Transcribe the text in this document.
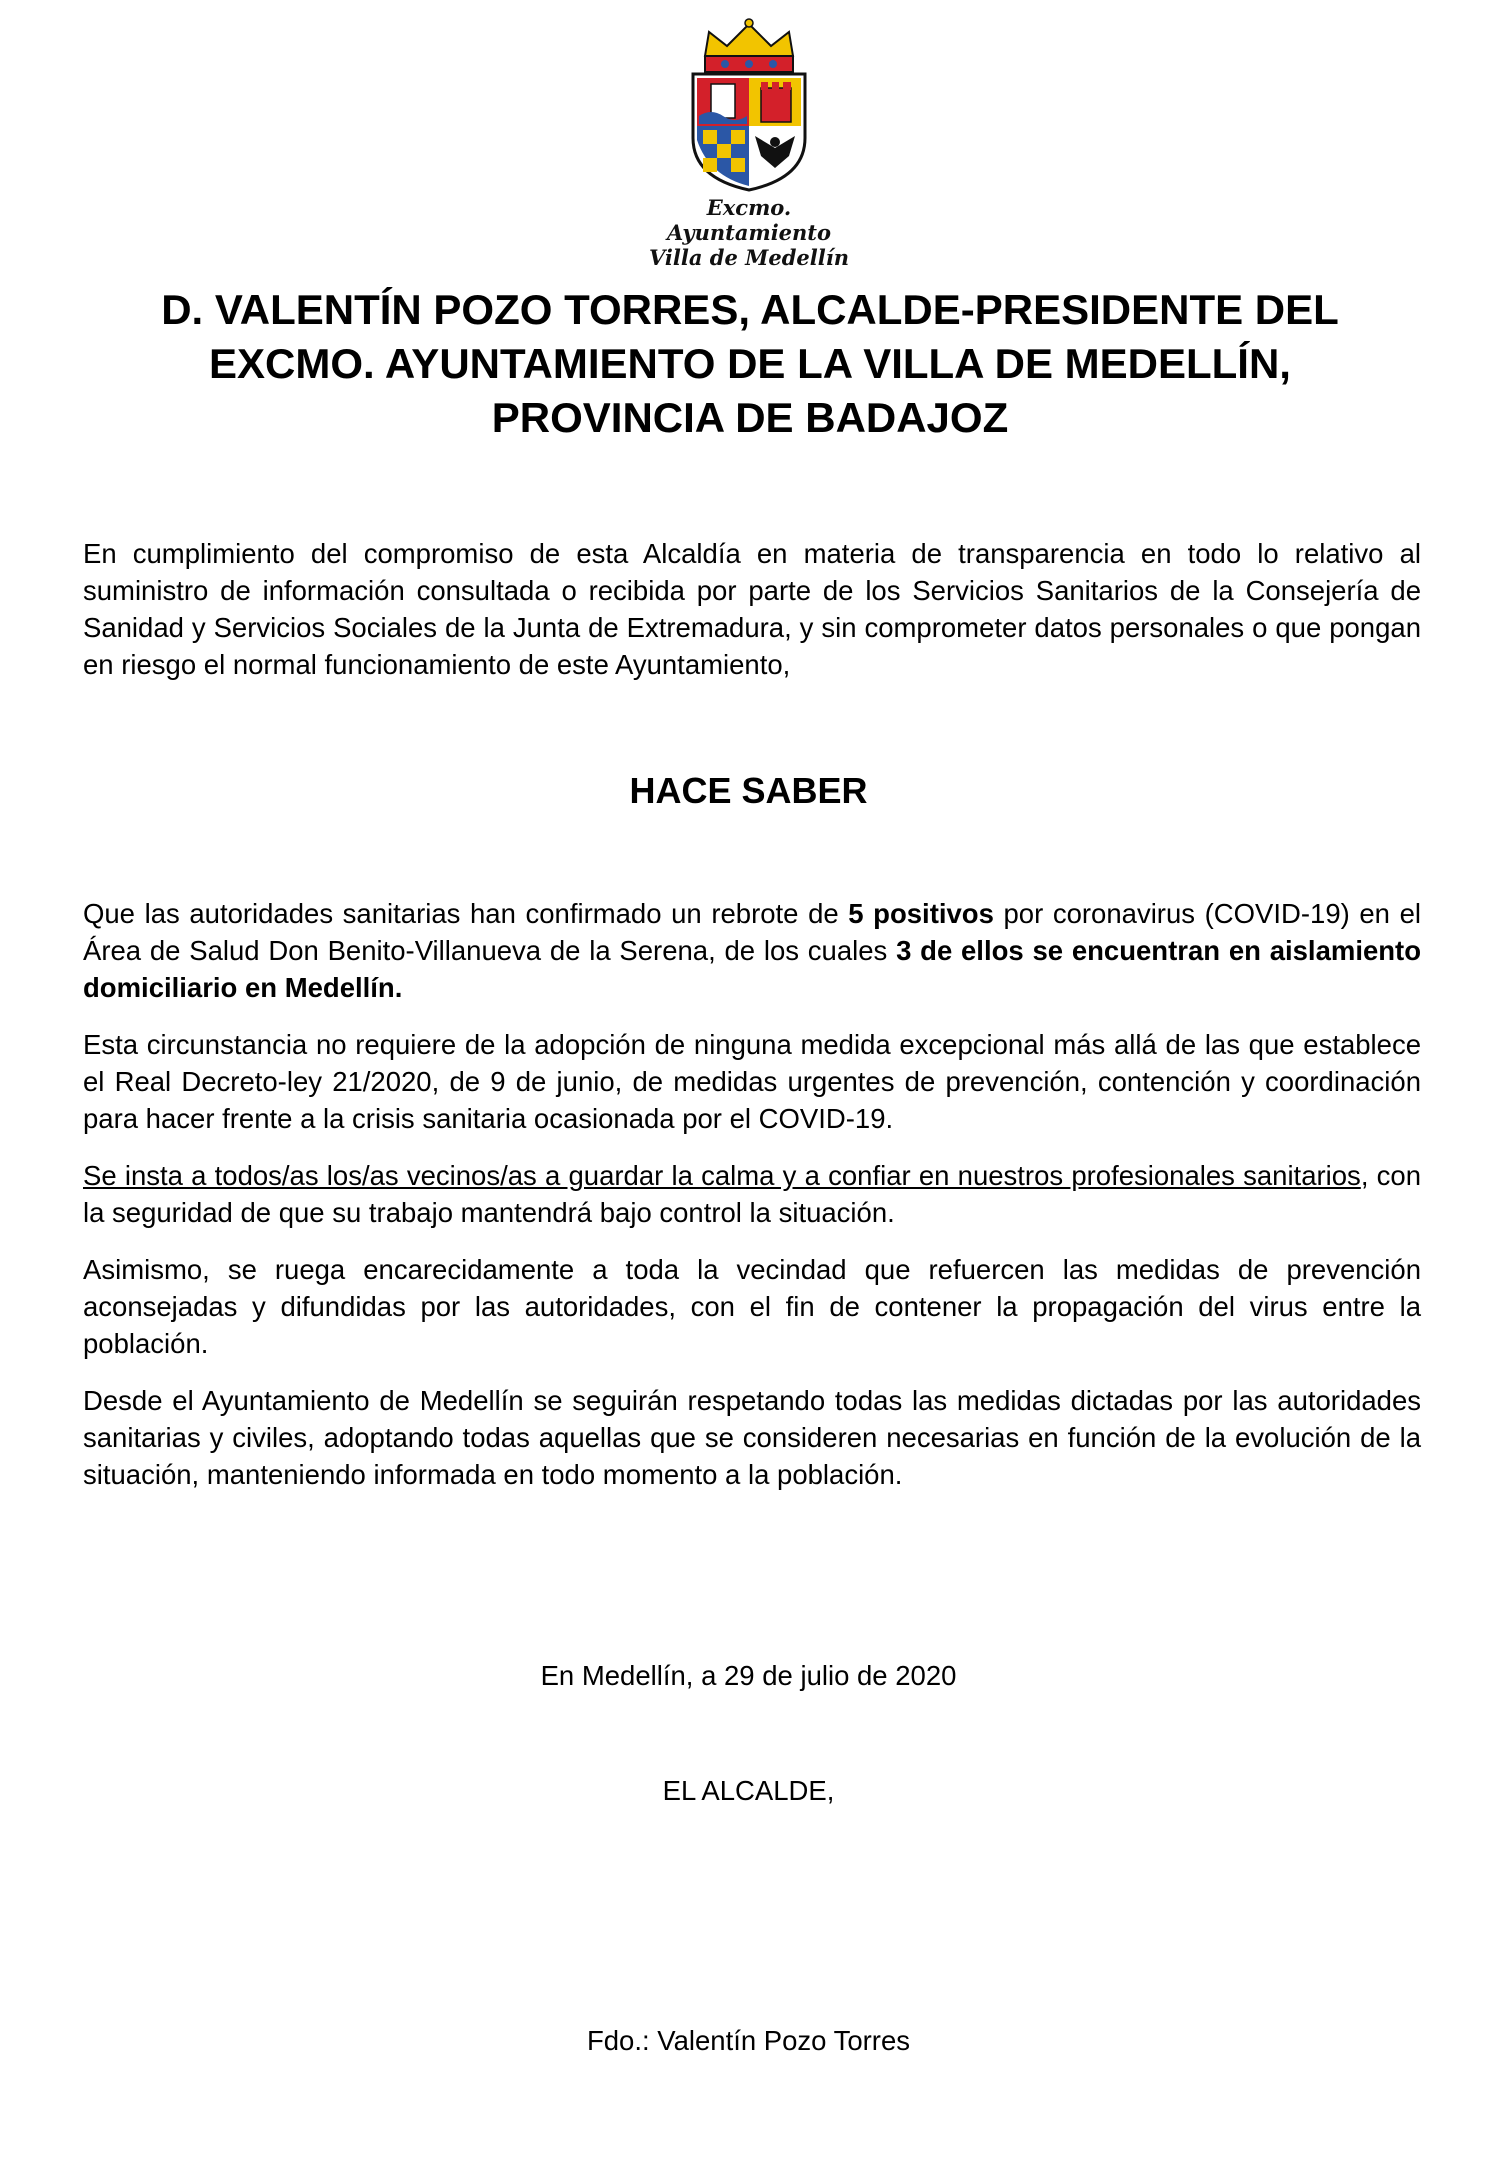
Excmo. Ayuntamiento
Villa de Medellín
D. VALENTÍN POZO TORRES, ALCALDE-PRESIDENTE DEL
EXCMO. AYUNTAMIENTO DE LA VILLA DE MEDELLÍN,
PROVINCIA DE BADAJOZ

En cumplimiento del compromiso de esta Alcaldía en materia de transparencia en todo lo relativo al suministro de información consultada o recibida por parte de los Servicios Sanitarios de la Consejería de Sanidad y Servicios Sociales de la Junta de Extremadura, y sin comprometer datos personales o que pongan en riesgo el normal funcionamiento de este Ayuntamiento,

HACE SABER

Que las autoridades sanitarias han confirmado un rebrote de 5 positivos por coronavirus (COVID-19) en el Área de Salud Don Benito-Villanueva de la Serena, de los cuales 3 de ellos se encuentran en aislamiento domiciliario en Medellín.

Esta circunstancia no requiere de la adopción de ninguna medida excepcional más allá de las que establece el Real Decreto-ley 21/2020, de 9 de junio, de medidas urgentes de prevención, contención y coordinación para hacer frente a la crisis sanitaria ocasionada por el COVID-19.

Se insta a todos/as los/as vecinos/as a guardar la calma y a confiar en nuestros profesionales sanitarios, con la seguridad de que su trabajo mantendrá bajo control la situación.

Asimismo, se ruega encarecidamente a toda la vecindad que refuercen las medidas de prevención aconsejadas y difundidas por las autoridades, con el fin de contener la propagación del virus entre la población.

Desde el Ayuntamiento de Medellín se seguirán respetando todas las medidas dictadas por las autoridades sanitarias y civiles, adoptando todas aquellas que se consideren necesarias en función de la evolución de la situación, manteniendo informada en todo momento a la población.

En Medellín, a 29 de julio de 2020
EL ALCALDE,
Fdo.: Valentín Pozo Torres
